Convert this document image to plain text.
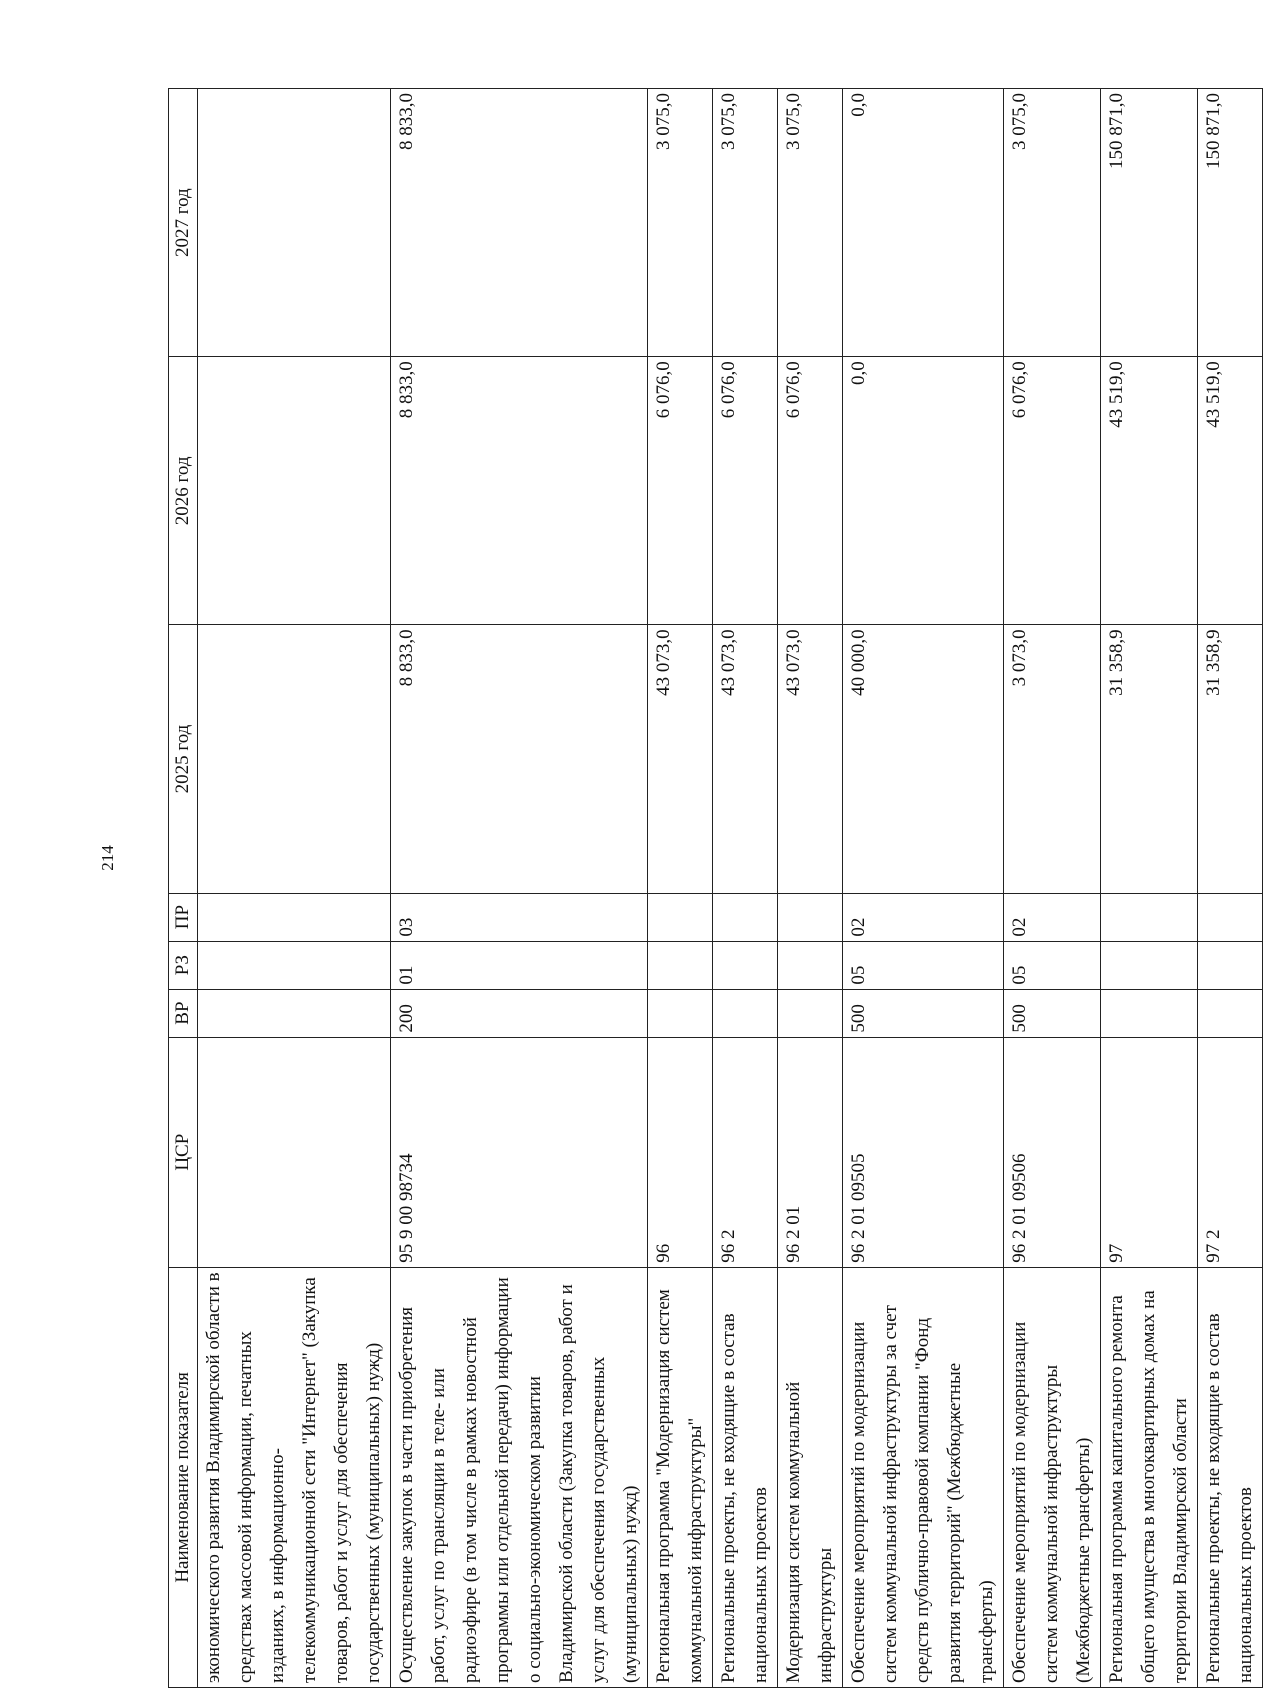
214
Наименование показателя	ЦСР	ВР	РЗ	ПР	2025 год	2026 год	2027 год
экономического развития Владимирской области в средствах массовой информации, печатных изданиях, в информационно-телекоммуникационной сети "Интернет" (Закупка товаров, работ и услуг для обеспечения государственных (муниципальных) нужд)							
Осуществление закупок в части приобретения работ, услуг по трансляции в теле- или радиоэфире (в том числе в рамках новостной программы или отдельной передачи) информации о социально-экономическом развитии Владимирской области (Закупка товаров, работ и услуг для обеспечения государственных (муниципальных) нужд)	95 9 00 98734	200	01	03	8 833,0	8 833,0	8 833,0
Региональная программа "Модернизация систем коммунальной инфраструктуры"	96				43 073,0	6 076,0	3 075,0
Региональные проекты, не входящие в состав национальных проектов	96 2				43 073,0	6 076,0	3 075,0
Модернизация систем коммунальной инфраструктуры	96 2 01				43 073,0	6 076,0	3 075,0
Обеспечение мероприятий по модернизации систем коммунальной инфраструктуры за счет средств публично-правовой компании "Фонд развития территорий" (Межбюджетные трансферты)	96 2 01 09505	500	05	02	40 000,0	0,0	0,0
Обеспечение мероприятий по модернизации систем коммунальной инфраструктуры (Межбюджетные трансферты)	96 2 01 09506	500	05	02	3 073,0	6 076,0	3 075,0
Региональная программа капитального ремонта общего имущества в многоквартирных домах на территории Владимирской области	97				31 358,9	43 519,0	150 871,0
Региональные проекты, не входящие в состав национальных проектов	97 2				31 358,9	43 519,0	150 871,0
